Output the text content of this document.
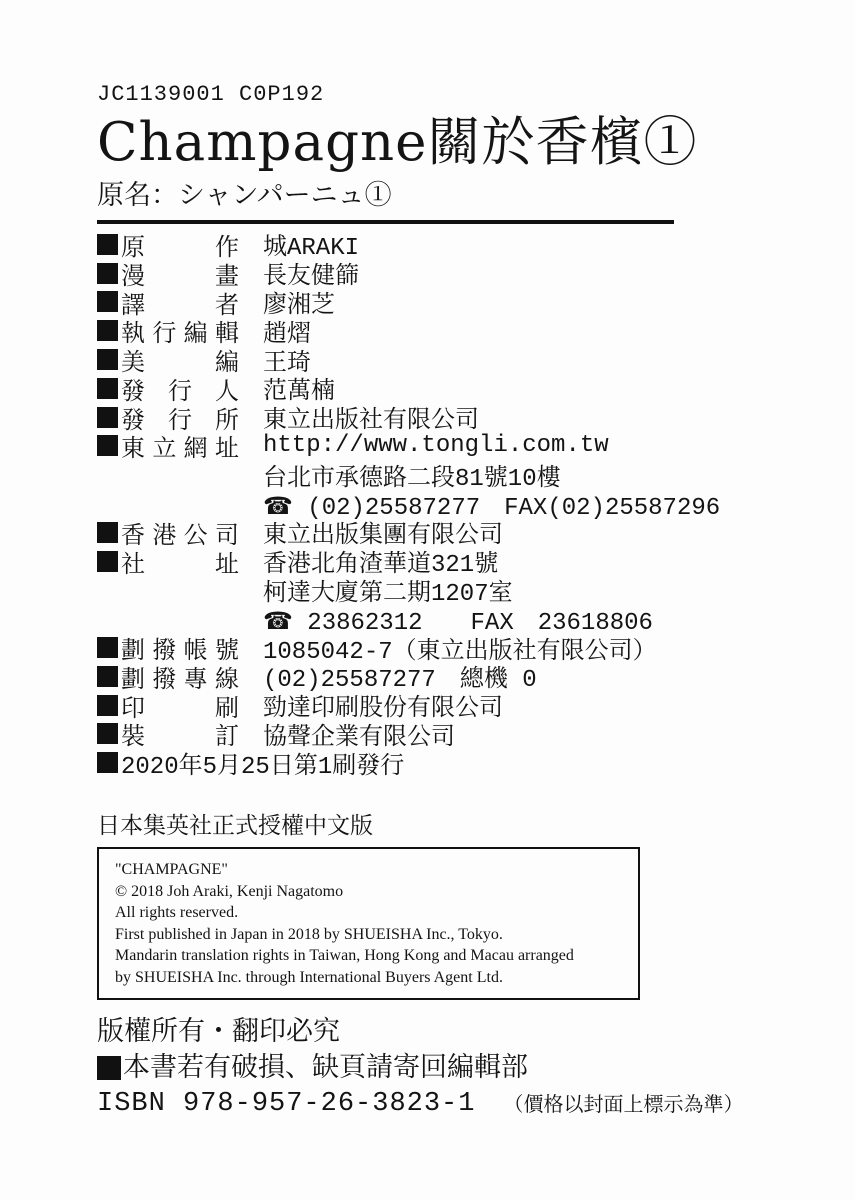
JC1139001 C0P192
Champagne關於香檳①
原名：シャンパーニュ①
原	作 城ARAKI
漫	畫 長友健篩
譯	者 廖湘芝
執 行 編 輯 趙熠
美	編 王琦
發 行 人 范萬楠
發 行 所 東立出版社有限公司
東 立 網 址 http://www.tongli.com.tw
台北市承德路二段81號10樓
☎ (02)25587277　FAX(02)25587296
香 港 公 司 東立出版集團有限公司
社	址 香港北角渣華道321號
柯達大廈第二期1207室
☎ 23862312　　FAX　23618806
劃 撥 帳 號 1085042-7（東立出版社有限公司）
劃 撥 專 線 (02)25587277　總機 0
印	刷 勁達印刷股份有限公司
裝	訂 協聲企業有限公司
2020年5月25日第1刷發行
日本集英社正式授權中文版
"CHAMPAGNE"
© 2018 Joh Araki, Kenji Nagatomo
All rights reserved.
First published in Japan in 2018 by SHUEISHA Inc., Tokyo.
Mandarin translation rights in Taiwan, Hong Kong and Macau arranged
by SHUEISHA Inc. through International Buyers Agent Ltd.
版權所有・翻印必究
本書若有破損、缺頁請寄回編輯部
ISBN 978-957-26-3823-1 （價格以封面上標示為準）
